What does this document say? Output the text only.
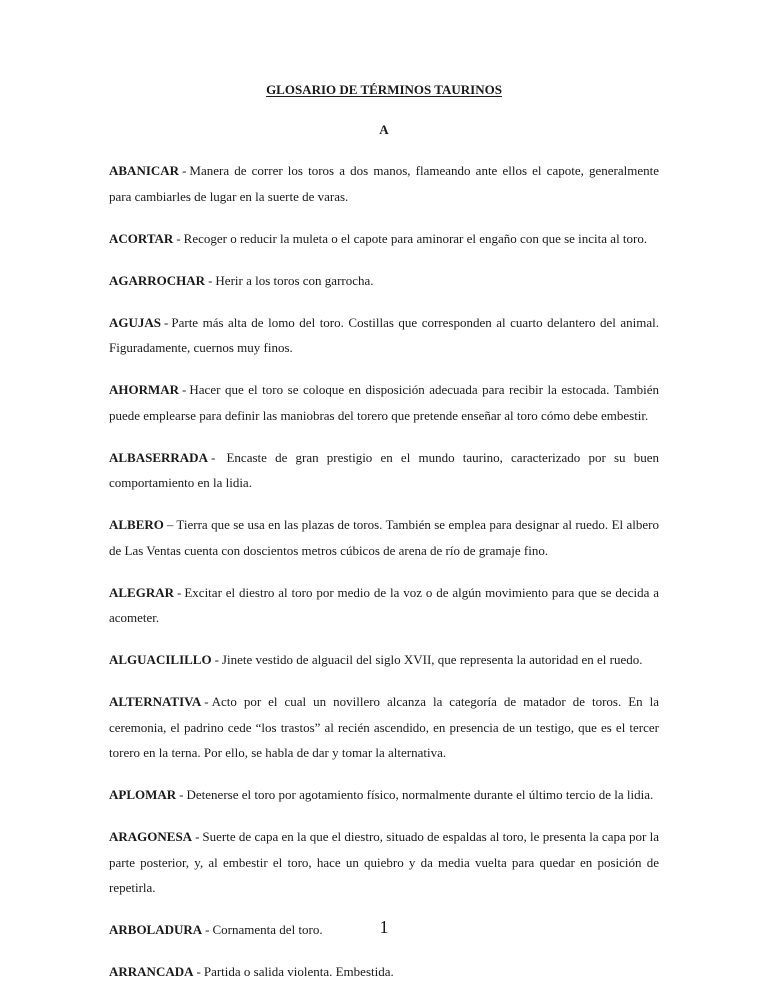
GLOSARIO DE TÉRMINOS TAURINOS
A

ABANICAR - Manera de correr los toros a dos manos, flameando ante ellos el capote, generalmente para cambiarles de lugar en la suerte de varas.

ACORTAR - Recoger o reducir la muleta o el capote para aminorar el engaño con que se incita al toro.

AGARROCHAR - Herir a los toros con garrocha.

AGUJAS - Parte más alta de lomo del toro. Costillas que corresponden al cuarto delantero del animal. Figuradamente, cuernos muy finos.

AHORMAR - Hacer que el toro se coloque en disposición adecuada para recibir la estocada. También puede emplearse para definir las maniobras del torero que pretende enseñar al toro cómo debe embestir.

ALBASERRADA - Encaste de gran prestigio en el mundo taurino, caracterizado por su buen comportamiento en la lidia.

ALBERO – Tierra que se usa en las plazas de toros. También se emplea para designar al ruedo. El albero de Las Ventas cuenta con doscientos metros cúbicos de arena de río de gramaje fino.

ALEGRAR - Excitar el diestro al toro por medio de la voz o de algún movimiento para que se decida a acometer.

ALGUACILILLO - Jinete vestido de alguacil del siglo XVII, que representa la autoridad en el ruedo.

ALTERNATIVA - Acto por el cual un novillero alcanza la categoría de matador de toros. En la ceremonia, el padrino cede “los trastos” al recién ascendido, en presencia de un testigo, que es el tercer torero en la terna. Por ello, se habla de dar y tomar la alternativa.

APLOMAR - Detenerse el toro por agotamiento físico, normalmente durante el último tercio de la lidia.

ARAGONESA - Suerte de capa en la que el diestro, situado de espaldas al toro, le presenta la capa por la parte posterior, y, al embestir el toro, hace un quiebro y da media vuelta para quedar en posición de repetirla.

ARBOLADURA - Cornamenta del toro.

ARRANCADA - Partida o salida violenta. Embestida.

1
